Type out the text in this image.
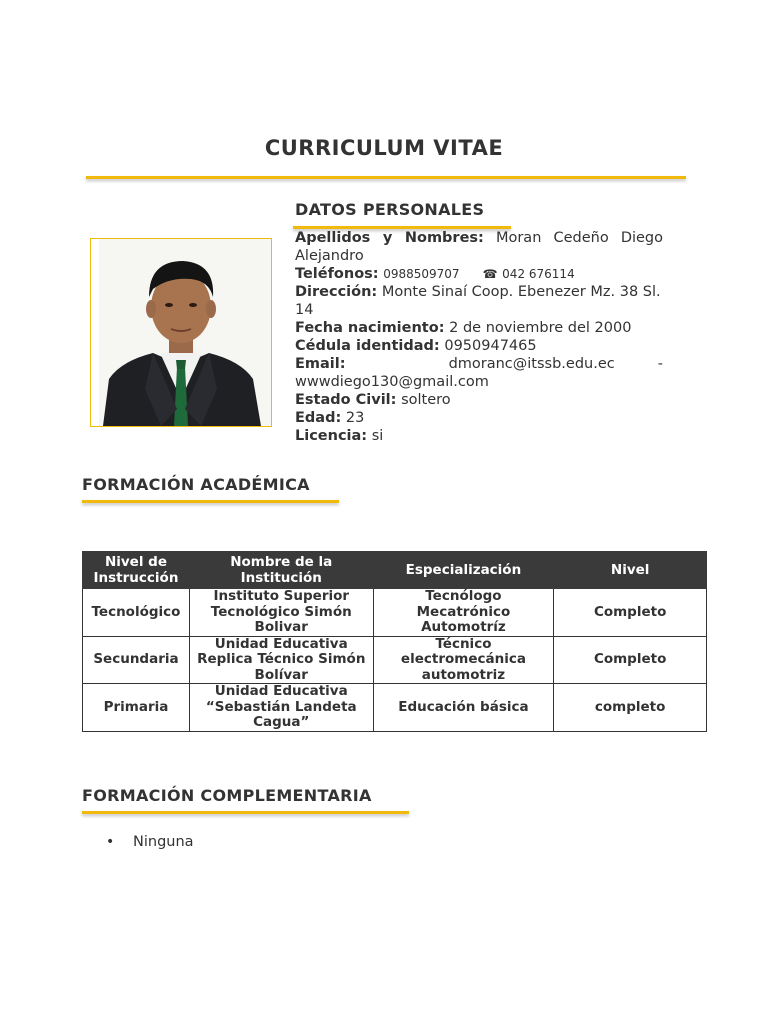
CURRICULUM VITAE
DATOS PERSONALES

Apellidos y Nombres: Moran Cedeño Diego Alejandro

Teléfonos: 0988509707 ☎ 042 676114

Dirección: Monte Sinaí Coop. Ebenezer Mz. 38 Sl. 14

Fecha nacimiento: 2 de noviembre del 2000

Cédula identidad: 0950947465

Email:	dmoranc@itssb.edu.ec	-

wwwdiego130@gmail.com

Estado Civil: soltero

Edad: 23

Licencia: si

FORMACIÓN ACADÉMICA
Nivel de Instrucción	Nombre de la Institución	Especialización	Nivel
Tecnológico	Instituto Superior Tecnológico Simón Bolivar	Tecnólogo Mecatrónico Automotríz	Completo
Secundaria	Unidad Educativa Replica Técnico Simón Bolívar	Técnico electromecánica automotriz	Completo
Primaria	Unidad Educativa “Sebastián Landeta Cagua”	Educación básica	completo
FORMACIÓN COMPLEMENTARIA
•	Ninguna
